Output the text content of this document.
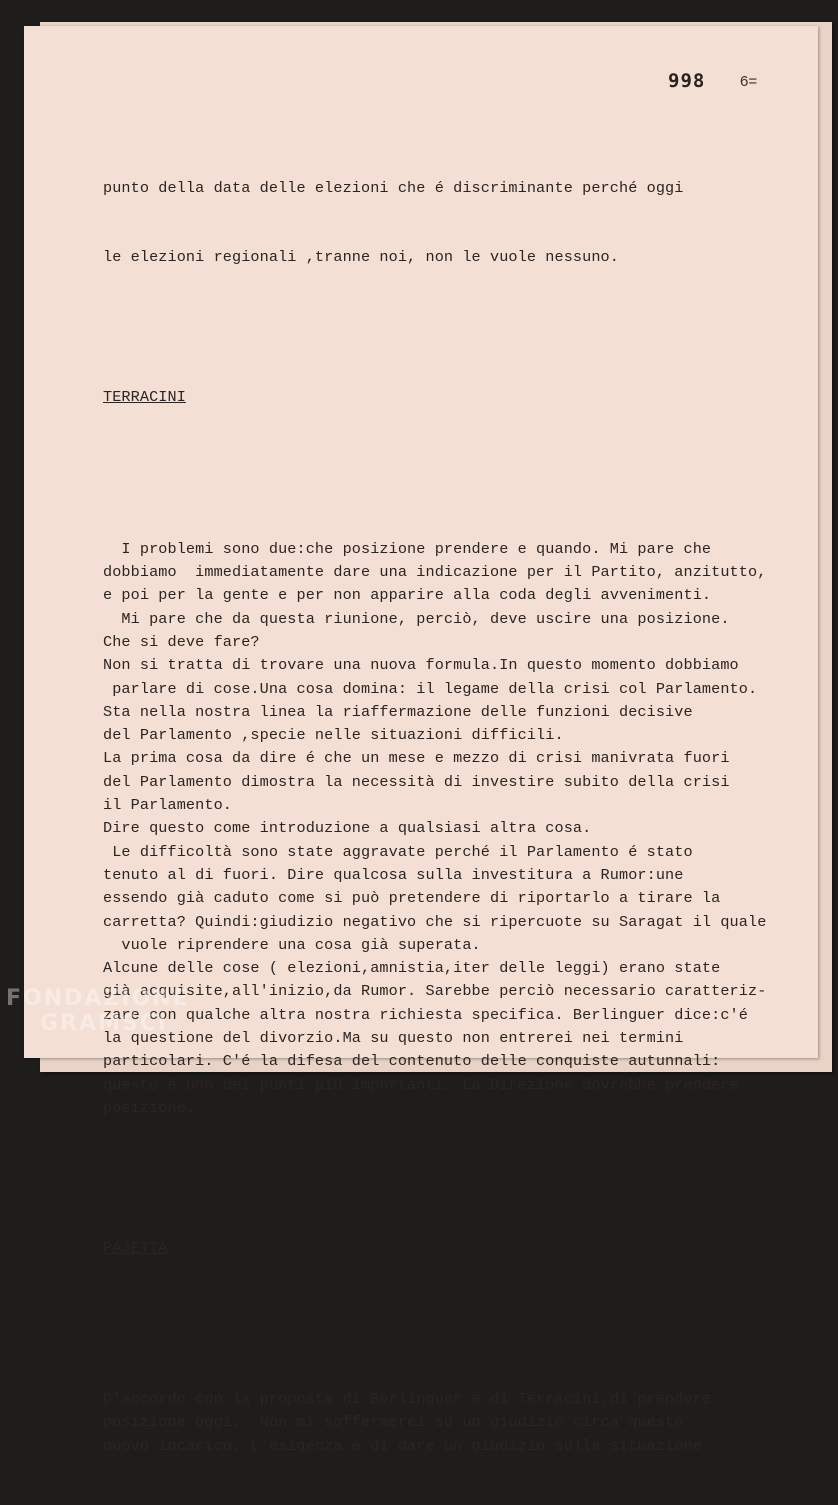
998 6=

punto della data delle elezioni che é discriminante perché oggi

le elezioni regionali ,tranne noi, non le vuole nessuno.

TERRACINI

I problemi sono due:che posizione prendere e quando. Mi pare che
dobbiamo  immediatamente dare una indicazione per il Partito, anzitutto,
e poi per la gente e per non apparire alla coda degli avvenimenti.
Mi pare che da questa riunione, perciò, deve uscire una posizione.
Che si deve fare?
Non si tratta di trovare una nuova formula.In questo momento dobbiamo
parlare di cose.Una cosa domina: il legame della crisi col Parlamento.
Sta nella nostra linea la riaffermazione delle funzioni decisive
del Parlamento ,specie nelle situazioni difficili.
La prima cosa da dire é che un mese e mezzo di crisi manivrata fuori
del Parlamento dimostra la necessità di investire subito della crisi
il Parlamento.
Dire questo come introduzione a qualsiasi altra cosa.
Le difficoltà sono state aggravate perché il Parlamento é stato
tenuto al di fuori. Dire qualcosa sulla investitura a Rumor:une
essendo già caduto come si può pretendere di riportarlo a tirare la
carretta? Quindi:giudizio negativo che si ripercuote su Saragat il quale
vuole riprendere una cosa già superata.
Alcune delle cose ( elezioni,amnistia,iter delle leggi) erano state
già acquisite,all'inizio,da Rumor. Sarebbe perciò necessario caratteriz-
zare con qualche altra nostra richiesta specifica. Berlinguer dice:c'é
la questione del divorzio.Ma su questo non entrerei nei termini
particolari. C'é la difesa del contenuto delle conquiste autunnali:
questo é uno dei punti più importanti. La Direzione dovrebbe prendere
posizione.

PAJETTA

D'accordo con la proposta di Berlinguer e di Terracini,di prendere
posizione oggi.  Non mi soffermerei su un giudizio circa questo
nuovo incarico. L'esigenza é di dare un giudizio sulla situazione

FONDAZIONE
GRAMSCI
